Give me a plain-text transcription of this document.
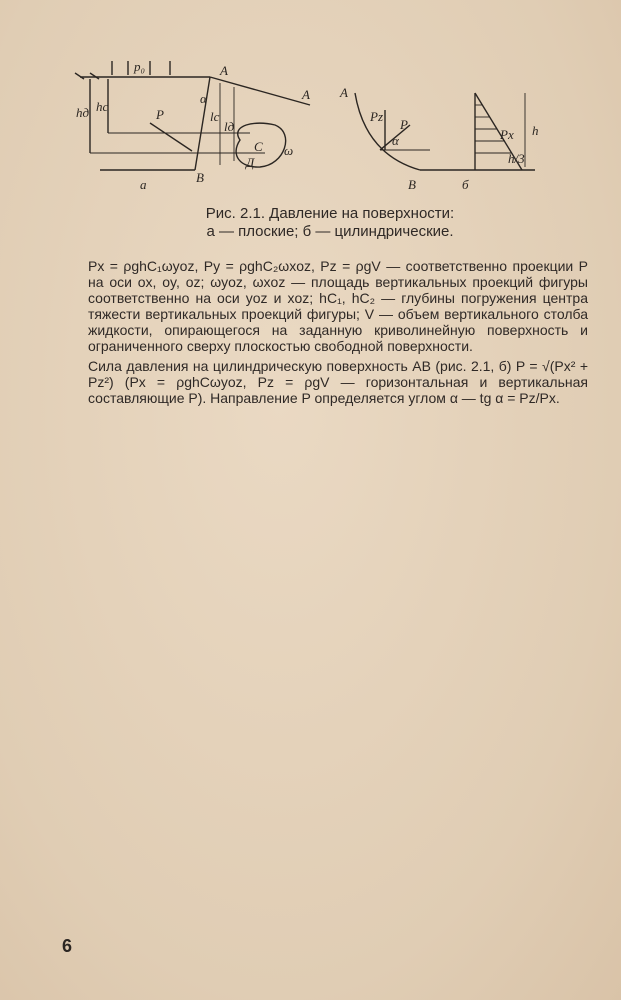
p₀	A
A
B
hд hc
α
lc
lд
P
C
Д
ω
а
A
B
Pz
P
α	Px h
h/3
б
Рис. 2.1. Давление на поверхности:
а — плоские; б — цилиндрические.

Px = ρghC₁ωyoz, Py = ρghC₂ωxoz, Pz = ρgV — соответственно проекции P на оси ox, oy, oz; ωyoz, ωxoz — площадь вертикальных проекций фигуры соответственно на оси yoz и xoz; hC₁, hC₂ — глубины погружения центра тяжести вертикальных проекций фигуры; V — объем вертикального столба жидкости, опирающегося на заданную криволинейную поверхность и ограниченного сверху плоскостью свободной поверхности.

Сила давления на цилиндрическую поверхность AB (рис. 2.1, б) P = √(Px² + Pz²) (Px = ρghCωyoz, Pz = ρgV — горизонтальная и вертикальная составляющие P). Направление P определяется углом α — tg α = Pz/Px.

6
